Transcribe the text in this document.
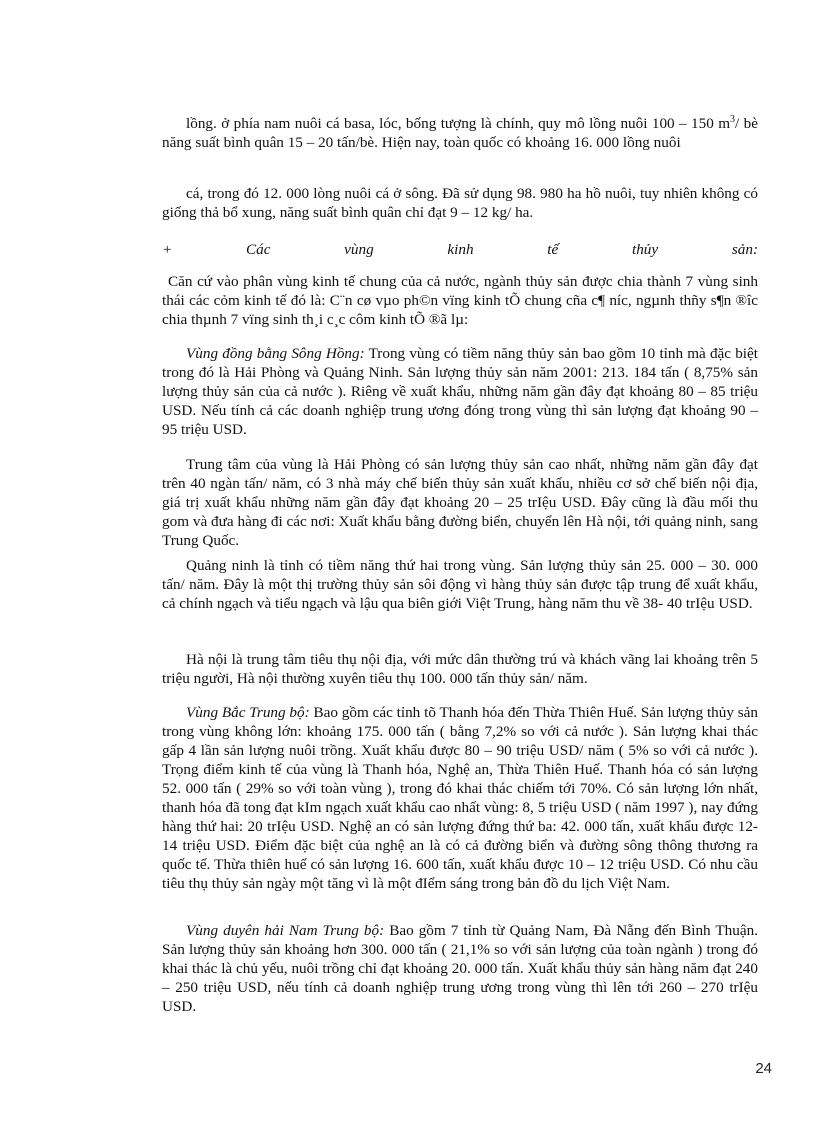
lồng. ở phía nam nuôi cá basa, lóc, bống tượng là chính, quy mô lồng nuôi 100 – 150 $m^3/$ bè năng suất bình quân 15 – 20 tấn/bè. Hiện nay, toàn quốc có khoảng 16. 000 lồng nuôi

cá, trong đó 12. 000 lòng nuôi cá ở sông. Đã sử dụng 98. 980 ha hồ nuôi, tuy nhiên không có giống thả bổ xung, năng suất bình quân chỉ đạt 9 – 12 kg/ ha.

+	Các	vùng	kinh	tế	thủy	sản:

Căn cứ vào phân vùng kinh tế chung của cả nước, ngành thủy sản được chia thành 7 vùng sinh thái các cỏm kinh tế đó là: C¨n cø vµo ph©n vïng kinh tÕ chung cña c¶ níc, ngµnh thñy s¶n ®îc chia thµnh 7 vïng sinh th¸i c¸c côm kinh tÕ ®ã lµ:

Vùng đồng bằng Sông Hồng: Trong vùng có tiềm năng thủy sản bao gồm 10 tỉnh mà đặc biệt trong đó là Hải Phòng và Quảng Ninh. Sản lượng thủy sản năm 2001: 213. 184 tấn ( 8,75% sản lượng thủy sản của cả nước ). Riêng về xuất khẩu, những năm gần đây đạt khoảng 80 – 85 triệu USD. Nếu tính cả các doanh nghiệp trung ương đóng trong vùng thì sản lượng đạt khoảng 90 – 95 triệu USD.

Trung tâm của vùng là Hải Phòng có sản lượng thủy sản cao nhất, những năm gần đây đạt trên 40 ngàn tấn/ năm, có 3 nhà máy chế biến thủy sản xuất khẩu, nhiều cơ sở chế biến nội địa, giá trị xuất khẩu những năm gần đây đạt khoảng 20 – 25 trIệu USD. Đây cũng là đầu mối thu gom và đưa hàng đi các nơi: Xuất khẩu bằng đường biển, chuyển lên Hà nội, tới quảng ninh, sang Trung Quốc.

Quảng ninh là tỉnh có tiềm năng thứ hai trong vùng. Sản lượng thủy sản 25. 000 – 30. 000 tấn/ năm. Đây là một thị trường thủy sản sôi động vì hàng thủy sản được tập trung để xuất khẩu, cả chính ngạch và tiểu ngạch và lậu qua biên giới Việt Trung, hàng năm thu về 38- 40 trIệu USD.

Hà nội là trung tâm tiêu thụ nội địa, với mức dân thường trú và khách vãng lai khoảng trên 5 triệu người, Hà nội thường xuyên tiêu thụ 100. 000 tấn thủy sản/ năm.

Vùng Bắc Trung bộ: Bao gồm các tỉnh tõ Thanh hóa đến Thừa Thiên Huế. Sản lượng thủy sản trong vùng không lớn: khoảng 175. 000 tấn ( bằng 7,2% so với cả nước ). Sản lượng khai thác gấp 4 lần sản lượng nuôi trồng. Xuất khẩu được 80 – 90 triệu USD/ năm ( 5% so với cả nước ). Trọng điểm kinh tế của vùng là Thanh hóa, Nghệ an, Thừa Thiên Huế. Thanh hóa có sản lượng 52. 000 tấn ( 29% so với toàn vùng ), trong đó khai thác chiếm tới 70%. Có sản lượng lớn nhất, thanh hóa đã tong đạt kIm ngạch xuất khẩu cao nhất vùng: 8, 5 triệu USD ( năm 1997 ), nay đứng hàng thứ hai: 20 trIệu USD. Nghệ an có sản lượng đứng thứ ba: 42. 000 tấn, xuất khẩu được 12- 14 triệu USD. Điểm đặc biệt của nghệ an là có cả đường biển và đường sông thông thương ra quốc tế. Thừa thiên huế có sản lượng 16. 600 tấn, xuất khẩu được 10 – 12 triệu USD. Có nhu cầu tiêu thụ thủy sản ngày một tăng vì là một đIểm sáng trong bản đồ du lịch Việt Nam.

Vùng duyên hải Nam Trung bộ: Bao gồm 7 tỉnh từ Quảng Nam, Đà Nẵng đến Bình Thuận. Sản lượng thủy sản khoảng hơn 300. 000 tấn ( 21,1% so với sản lượng của toàn ngành ) trong đó khai thác là chủ yếu, nuôi trồng chỉ đạt khoảng 20. 000 tấn. Xuất khẩu thủy sản hàng năm đạt 240 – 250 triệu USD, nếu tính cả doanh nghiệp trung ương trong vùng thì lên tới 260 – 270 trIệu USD.

24
